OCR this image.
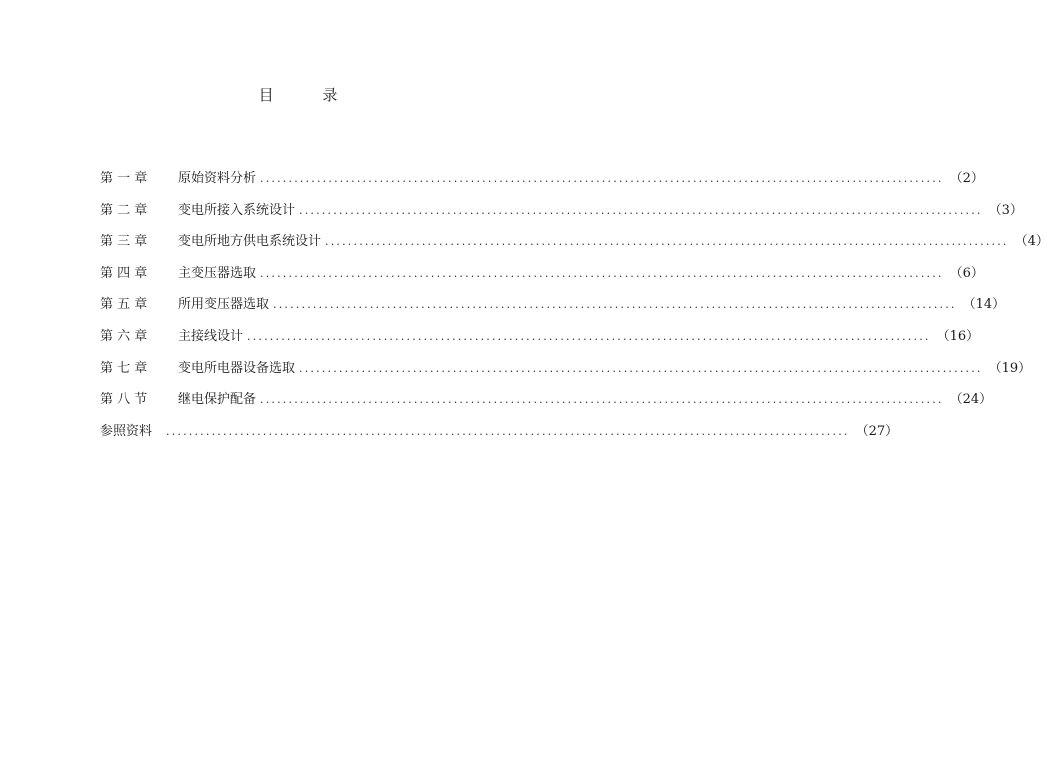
目 录
第 一 章	原始资料分析 ........................................................................................................................ （2）
第 二 章	变电所接入系统设计 ........................................................................................................................ （3）
第 三 章	变电所地方供电系统设计 ........................................................................................................................ （4）
第 四 章	主变压器选取 ........................................................................................................................ （6）
第 五 章	所用变压器选取 ........................................................................................................................ （14）
第 六 章	主接线设计 ........................................................................................................................ （16）
第 七 章	变电所电器设备选取 ........................................................................................................................ （19）
第 八 节	继电保护配备 ........................................................................................................................ （24）
参照资料	........................................................................................................................ （27）
